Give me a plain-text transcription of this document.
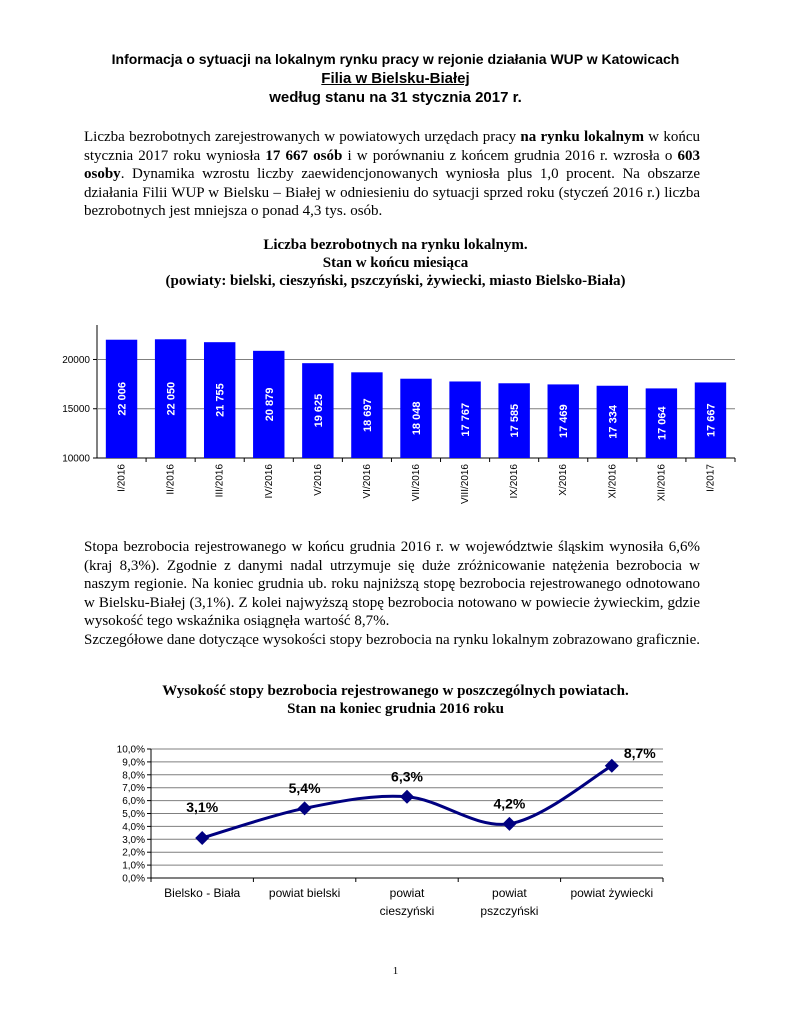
Informacja o sytuacji na lokalnym rynku pracy w rejonie działania WUP w Katowicach
Filia w Bielsku-Białej
według stanu na 31 stycznia 2017 r.
Liczba bezrobotnych zarejestrowanych w powiatowych urzędach pracy na rynku lokalnym w końcu stycznia 2017 roku wyniosła 17 667 osób i w porównaniu z końcem grudnia 2016 r. wzrosła o 603 osoby. Dynamika wzrostu liczby zaewidencjonowanych wyniosła plus 1,0 procent. Na obszarze działania Filii WUP w Bielsku – Białej w odniesieniu do sytuacji sprzed roku (styczeń 2016 r.) liczba bezrobotnych jest mniejsza o ponad 4,3 tys. osób.
Liczba bezrobotnych na rynku lokalnym.
Stan w końcu miesiąca
(powiaty: bielski, cieszyński, pszczyński, żywiecki, miasto Bielsko-Biała)
10000
15000
20000
22 006
I/2016
22 050
II/2016
21 755
III/2016
20 879
IV/2016
19 625
V/2016
18 697
VI/2016
18 048
VII/2016
17 767
VIII/2016
17 585
IX/2016
17 469
X/2016
17 334
XI/2016
17 064
XII/2016
17 667
I/2017

Stopa bezrobocia rejestrowanego w końcu grudnia 2016 r. w województwie śląskim wynosiła 6,6% (kraj 8,3%). Zgodnie z danymi nadal utrzymuje się duże zróżnicowanie natężenia bezrobocia w naszym regionie. Na koniec grudnia ub. roku najniższą stopę bezrobocia rejestrowanego odnotowano w Bielsku-Białej (3,1%). Z kolei najwyższą stopę bezrobocia notowano w powiecie żywieckim, gdzie wysokość tego wskaźnika osiągnęła wartość 8,7%.

Szczegółowe dane dotyczące wysokości stopy bezrobocia na rynku lokalnym zobrazowano graficznie.

Wysokość stopy bezrobocia rejestrowanego w poszczególnych powiatach.
Stan na koniec grudnia 2016 roku
0,0%
1,0%
2,0%
3,0%
4,0%
5,0%
6,0%
7,0%
8,0%
9,0%
10,0%
3,1%
Bielsko - Biała
5,4%
powiat bielski
6,3%
powiat
cieszyński
4,2%
powiat
pszczyński
8,7%
powiat żywiecki
1
